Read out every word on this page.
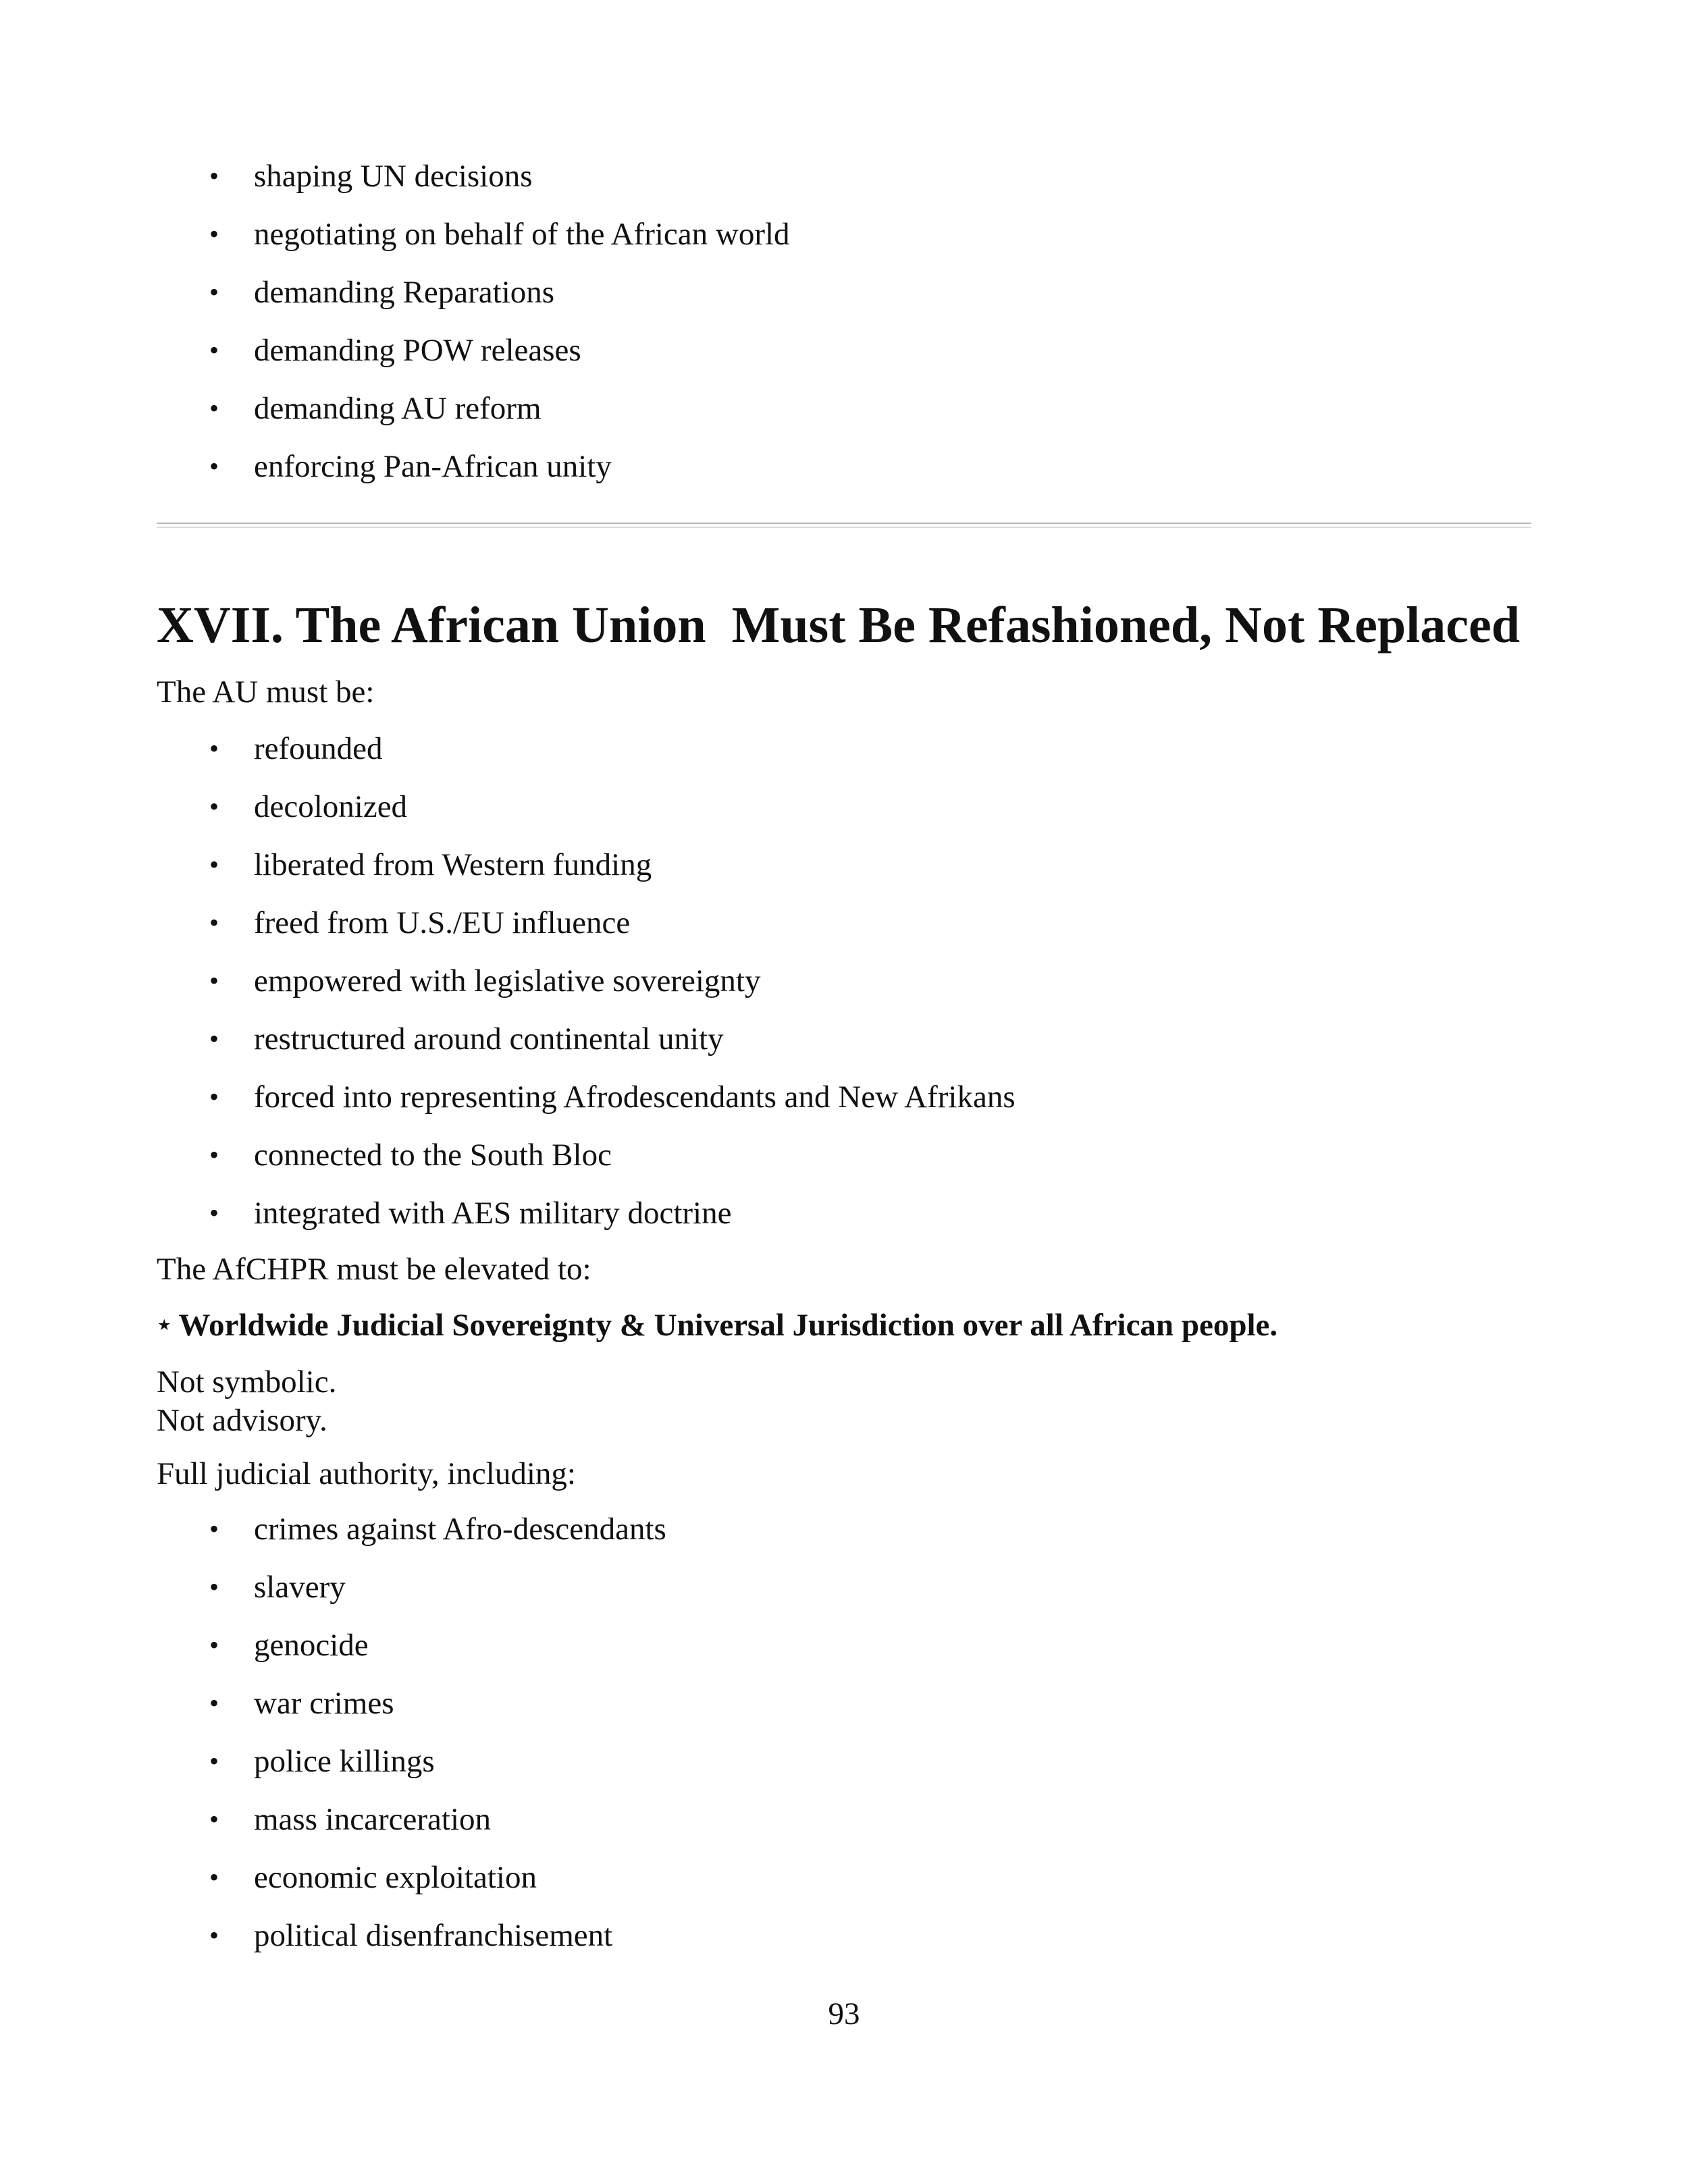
• shaping UN decisions
• negotiating on behalf of the African world
• demanding Reparations
• demanding POW releases
• demanding AU reform
• enforcing Pan-African unity
XVII. The African Union  Must Be Refashioned, Not Replaced
The AU must be:
• refounded
• decolonized
• liberated from Western funding
• freed from U.S./EU influence
• empowered with legislative sovereignty
• restructured around continental unity
• forced into representing Afrodescendants and New Afrikans
• connected to the South Bloc
• integrated with AES military doctrine
The AfCHPR must be elevated to:
⋆ Worldwide Judicial Sovereignty & Universal Jurisdiction over all African people.
Not symbolic.
Not advisory.
Full judicial authority, including:
• crimes against Afro-descendants
• slavery
• genocide
• war crimes
• police killings
• mass incarceration
• economic exploitation
• political disenfranchisement
93
